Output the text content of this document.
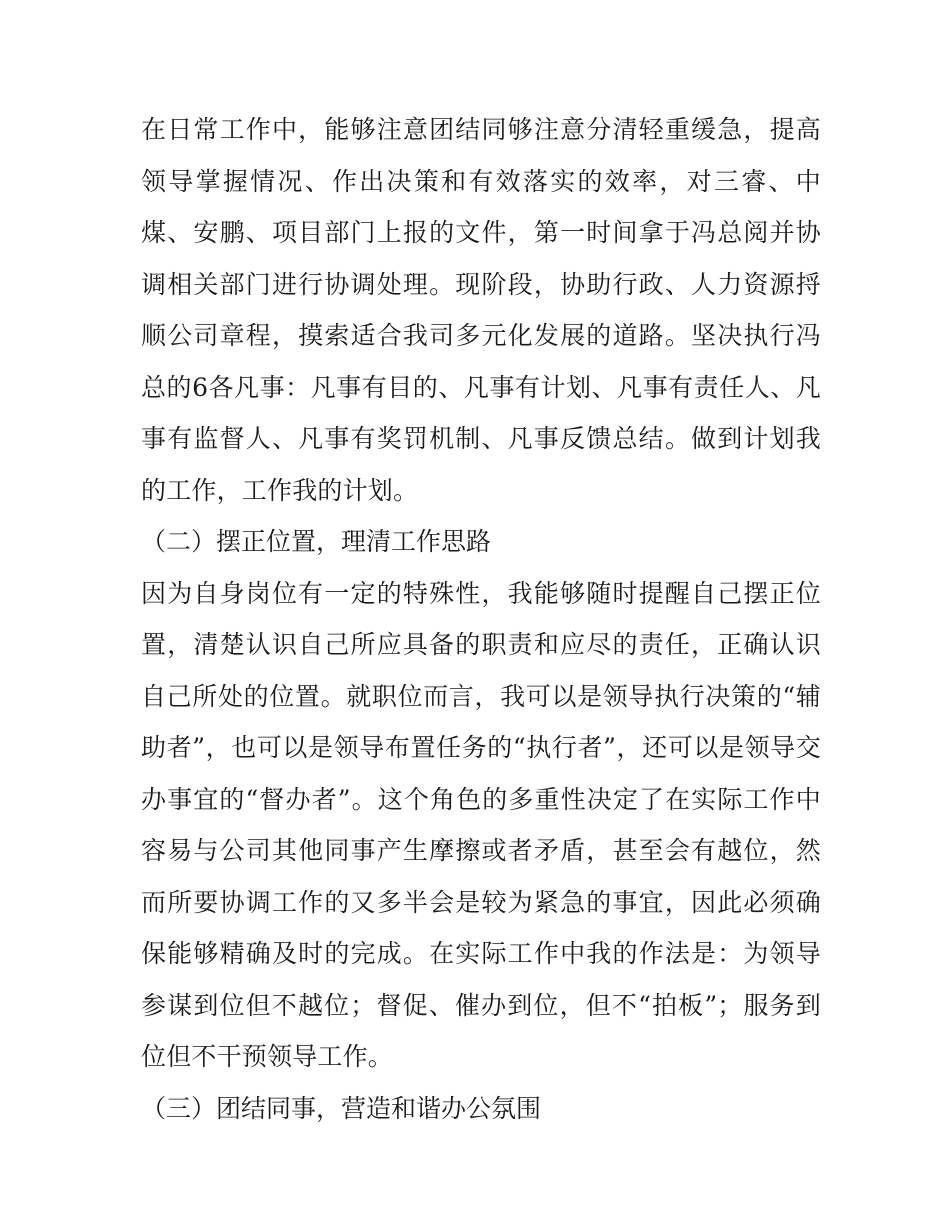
在日常工作中，能够注意团结同够注意分清轻重缓急，提高领导掌握情况、作出决策和有效落实的效率，对三睿、中煤、安鹏、项目部门上报的文件，第一时间拿于冯总阅并协调相关部门进行协调处理。现阶段，协助行政、人力资源捋顺公司章程，摸索适合我司多元化发展的道路。坚决执行冯总的6各凡事：凡事有目的、凡事有计划、凡事有责任人、凡事有监督人、凡事有奖罚机制、凡事反馈总结。做到计划我的工作，工作我的计划。

（二）摆正位置，理清工作思路

因为自身岗位有一定的特殊性，我能够随时提醒自己摆正位置，清楚认识自己所应具备的职责和应尽的责任，正确认识自己所处的位置。就职位而言，我可以是领导执行决策的“辅助者”，也可以是领导布置任务的“执行者”，还可以是领导交办事宜的“督办者”。这个角色的多重性决定了在实际工作中容易与公司其他同事产生摩擦或者矛盾，甚至会有越位，然而所要协调工作的又多半会是较为紧急的事宜，因此必须确保能够精确及时的完成。在实际工作中我的作法是：为领导参谋到位但不越位；督促、催办到位，但不“拍板”；服务到位但不干预领导工作。

（三）团结同事，营造和谐办公氛围
